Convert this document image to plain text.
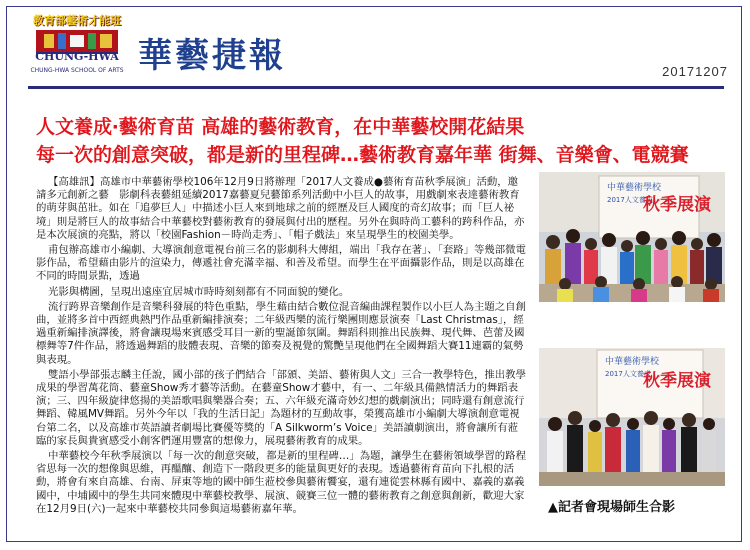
教育部藝術才能班
CHUNG-HWA
CHUNG-HWA SCHOOL OF ARTS 華藝捷報	20171207
人文養成‧藝術育苗 高雄的藝術教育，在中華藝校開花結果
每一次的創意突破，都是新的里程碑…藝術教育嘉年華 街舞、音樂會、電競賽

【高雄訊】高雄市中華藝術學校106年12月9日將辦理「2017人文養成●藝術育苗秋季展演」活動，邀請多元創新之藝　影劇科表藝組延續2017嘉藝夏兒藝節系列活動中小巨人的故事，用戲劇來表達藝術教育的萌芽與茁壯。如在「追夢巨人」中描述小巨人來到地球之前的經歷及巨人國度的奇幻故事；而「巨人祕境」則是將巨人的故事結合中華藝校對藝術教育的發展與付出的歷程。另外在與時尚工藝科的跨科作品，亦是本次展演的亮點，將以「校園Fashion－時尚走秀」、「帽子戲法」來呈現學生的校園美學。

甫包辦高雄市小編劇、大導演創意電視台前三名的影劇科大傳組，端出「我存在著」、「套路」等幾部微電影作品，希望藉由影片的渲染力，傳遞社會充滿幸福、和善及希望。而學生在平面攝影作品，則是以高雄在不同的時間景點，透過

光影與構圖，呈現出遠座宜居城市時時刻刻都有不同面貌的變化。

流行跨界音樂創作是音樂科發展的特色重點，學生藉由結合數位混音編曲課程製作以小巨人為主題之自創曲，並將多首中西經典熱門作品重新編排演奏；二年級西樂的流行樂團則應景演奏「Last Christmas」，經過重新編排演譯後，將會讓現場來賓感受耳目一新的聖誕節氛圍。舞蹈科則推出民族舞、現代舞、芭蕾及國標舞等7件作品，將透過舞蹈的肢體表現、音樂的節奏及視覺的驚艷呈現他們在全國舞蹈大賽11連霸的氣勢與表現。

雙語小學部張志麟主任說，國小部的孩子們結合「部頒、美語、藝術與人文」三合一教學特色，推出教學成果的學習萬花筒、藝童Show秀才藝等活動。在藝童Show才藝中，有一、二年級具備熱情活力的舞蹈表演；三、四年級旋律悠揚的美語歌唱與樂器合奏；五、六年級充滿奇妙幻想的戲劇演出；同時還有創意流行舞蹈、韓風MV舞蹈。另外今年以「我的生活日記」為題材的互動故事，榮獲高雄市小編劇大導演創意電視台第二名，以及高雄市英語讀者劇場比賽優等獎的「A Silkworm’s Voice」美語讀劇演出，將會讓所有蒞臨的家長與貴賓感受小創客們運用豐富的想像力，展現藝術教育的成果。

中華藝校今年秋季展演以「每一次的創意突破，都是新的里程碑…」為題，讓學生在藝術領域學習的路程省思每一次的想像與思維，再醞釀、創造下一階段更多的能量與更好的表現。透過藝術育苗向下扎根的活動，將會有來自高雄、台南、屏東等地的國中師生蒞校參與藝術饗宴，還有連從雲林縣有國中、嘉義的嘉義國中，中埔國中的學生共同來體現中華藝校教學、展演、競賽三位一體的藝術教育之創意與創新，歡迎大家在12月9日(六)一起來中華藝校共同參與這場藝術嘉年華。

中華藝術學校
2017人文養成
秋季展演
中華藝術學校
2017人文養成
秋季展演
▲記者會現場師生合影
